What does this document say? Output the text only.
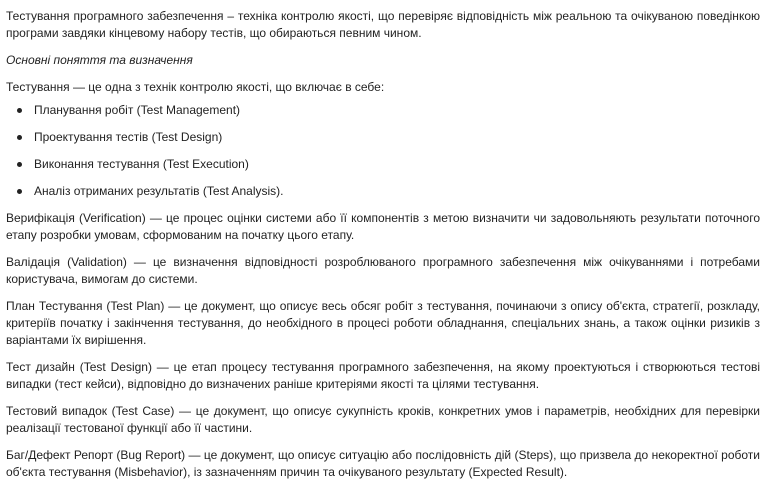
Тестування програмного забезпечення – техніка контролю якості, що перевіряє відповідність між реальною та очікуваною поведінкою програми завдяки кінцевому набору тестів, що обираються певним чином.

Основні поняття та визначення

Тестування — це одна з технік контролю якості, що включає в себе:

Планування робіт (Test Management)
Проектування тестів (Test Design)
Виконання тестування (Test Execution)
Аналіз отриманих результатів (Test Analysis).

Верифікація (Verification) — це процес оцінки системи або її компонентів з метою визначити чи задовольняють результати поточного етапу розробки умовам, сформованим на початку цього етапу.

Валідація (Validation) — це визначення відповідності розроблюваного програмного забезпечення між очікуваннями і потребами користувача, вимогам до системи.

План Тестування (Test Plan) — це документ, що описує весь обсяг робіт з тестування, починаючи з опису об'єкта, стратегії, розкладу, критеріїв початку і закінчення тестування, до необхідного в процесі роботи обладнання, спеціальних знань, а також оцінки ризиків з варіантами їх вирішення.

Тест дизайн (Test Design) — це етап процесу тестування програмного забезпечення, на якому проектуються і створюються тестові випадки (тест кейси), відповідно до визначених раніше критеріями якості та цілями тестування.

Тестовий випадок (Test Case) — це документ, що описує сукупність кроків, конкретних умов і параметрів, необхідних для перевірки реалізації тестованої функції або її частини.

Баг/Дефект Репорт (Bug Report) — це документ, що описує ситуацію або послідовність дій (Steps), що призвела до некоректної роботи об'єкта тестування (Misbehavior), із зазначенням причин та очікуваного результату (Expected Result).
